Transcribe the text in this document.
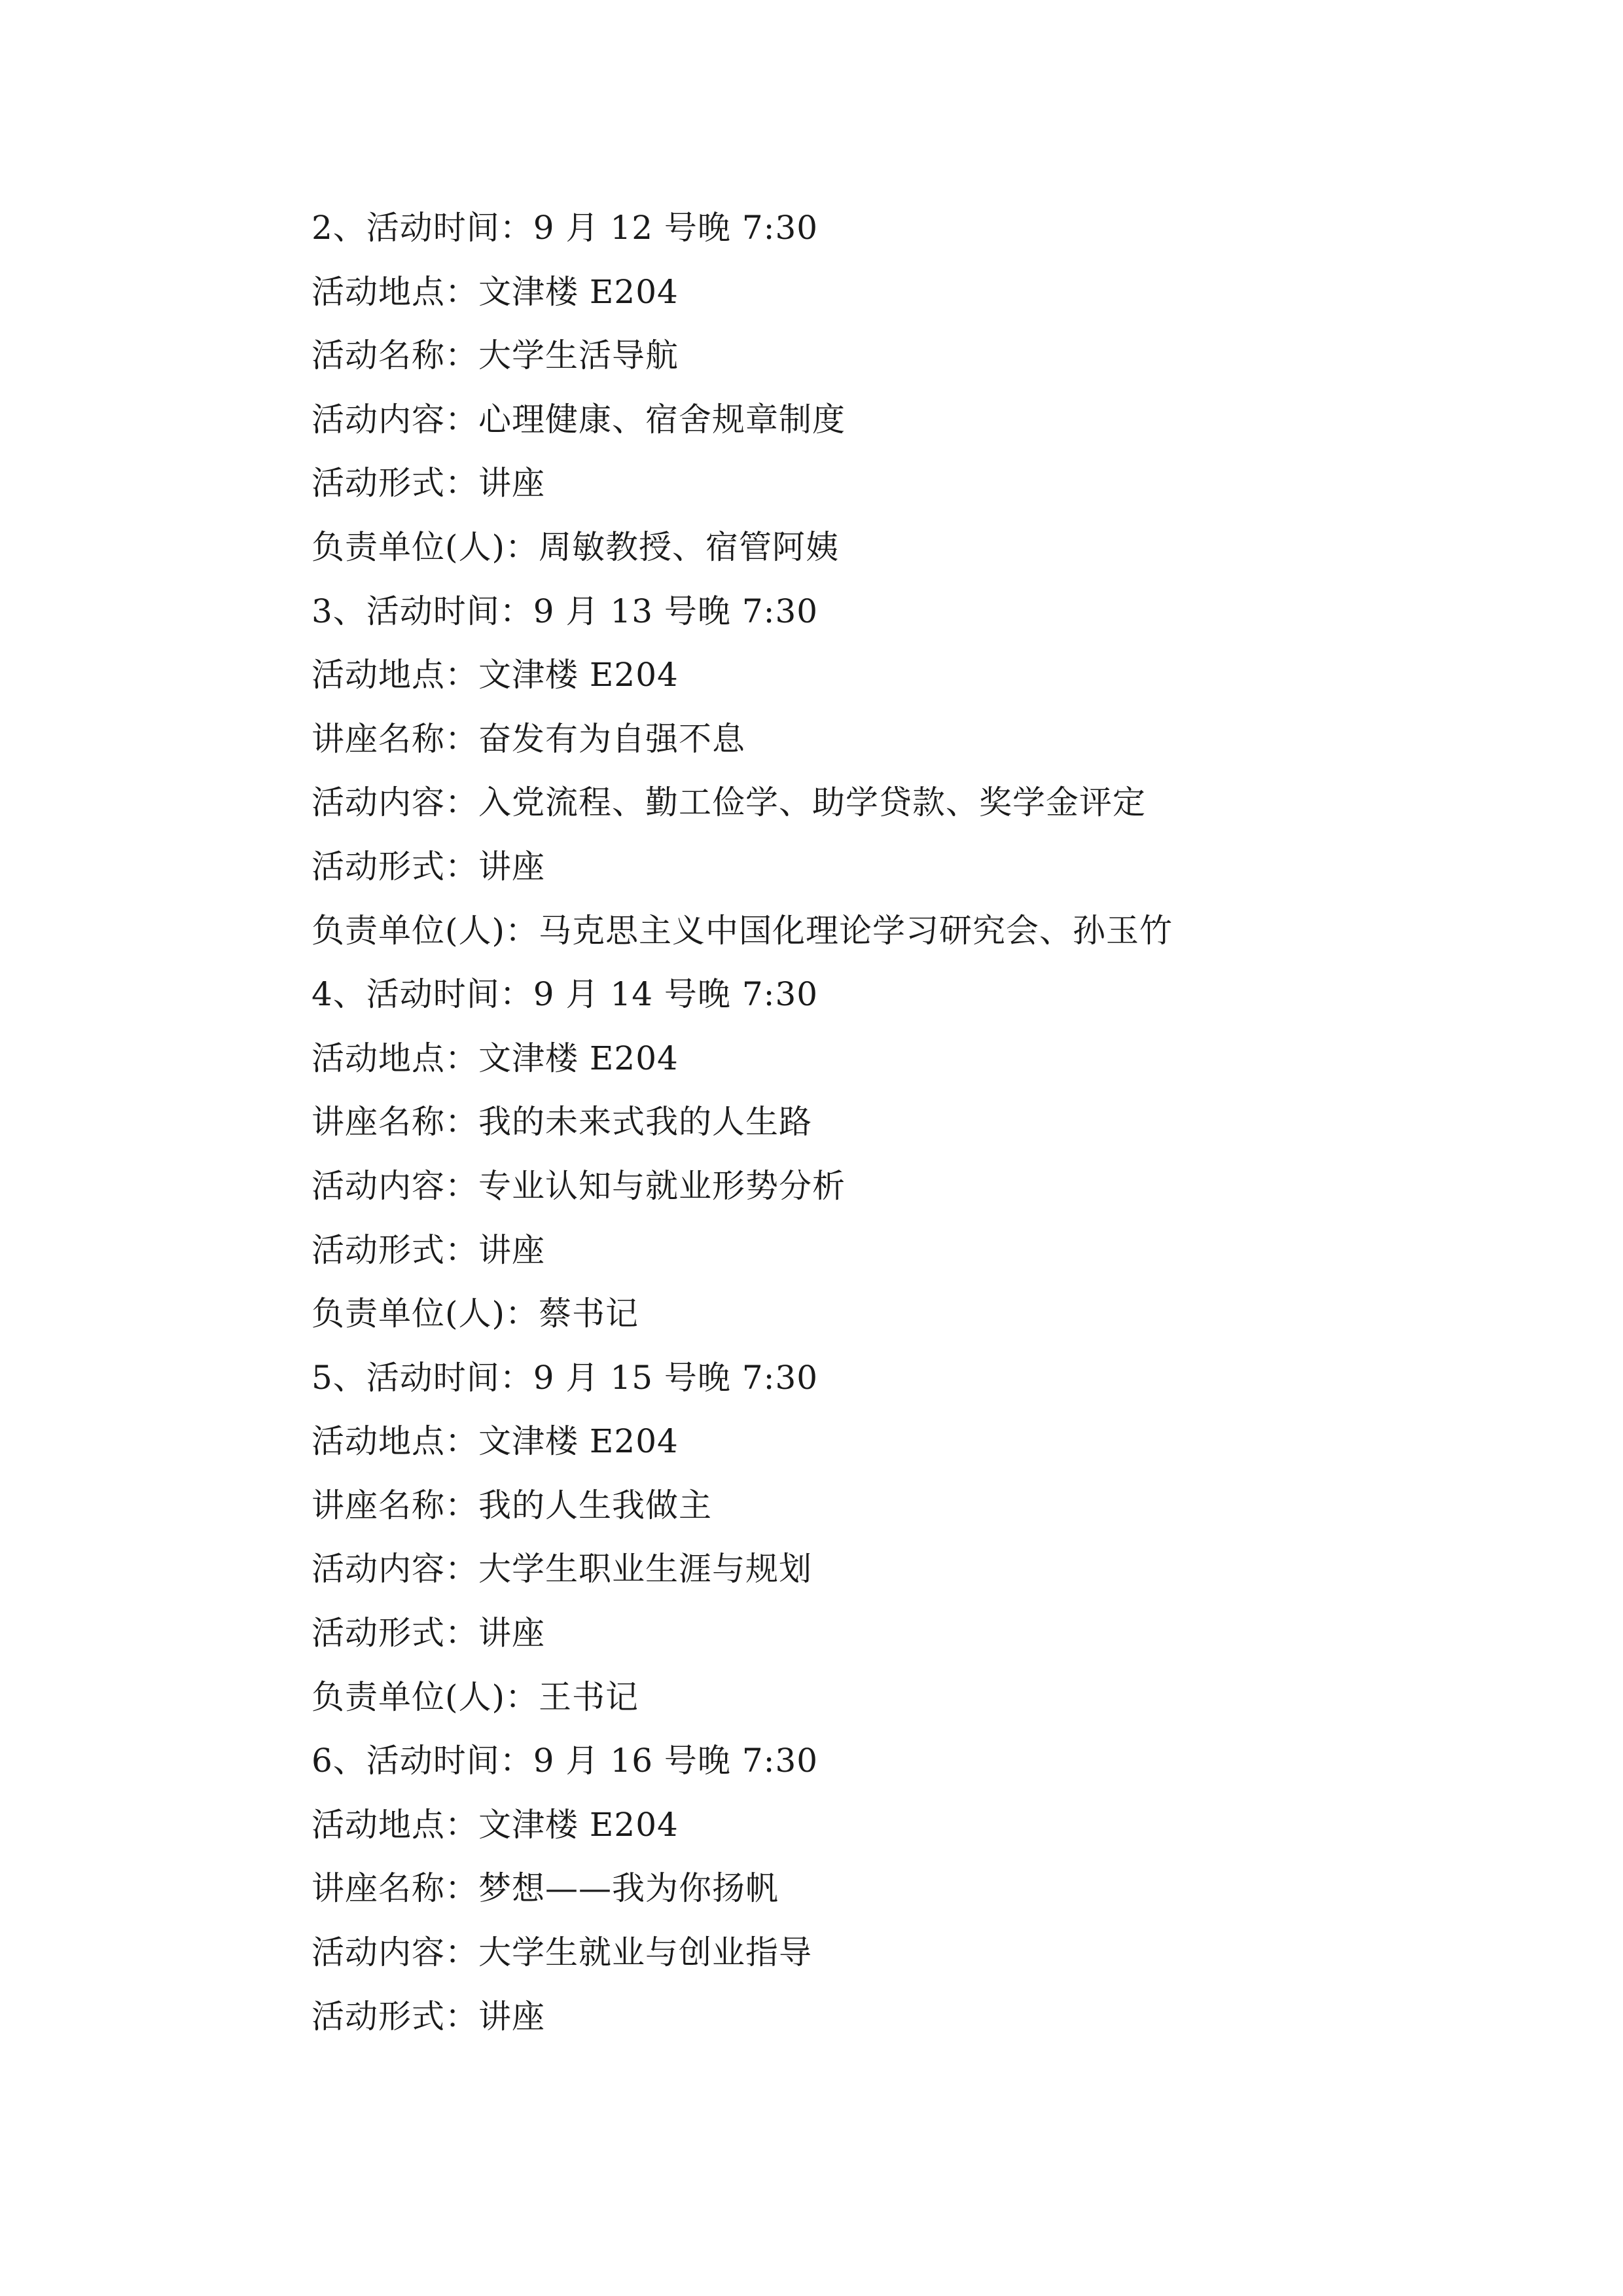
2、活动时间：9 月 12 号晚 7:30
活动地点：文津楼 E204
活动名称：大学生活导航
活动内容：心理健康、宿舍规章制度
活动形式：讲座
负责单位(人)：周敏教授、宿管阿姨
3、活动时间：9 月 13 号晚 7:30
活动地点：文津楼 E204
讲座名称：奋发有为自强不息
活动内容：入党流程、勤工俭学、助学贷款、奖学金评定
活动形式：讲座
负责单位(人)：马克思主义中国化理论学习研究会、孙玉竹
4、活动时间：9 月 14 号晚 7:30
活动地点：文津楼 E204
讲座名称：我的未来式我的人生路
活动内容：专业认知与就业形势分析
活动形式：讲座
负责单位(人)：蔡书记
5、活动时间：9 月 15 号晚 7:30
活动地点：文津楼 E204
讲座名称：我的人生我做主
活动内容：大学生职业生涯与规划
活动形式：讲座
负责单位(人)：王书记
6、活动时间：9 月 16 号晚 7:30
活动地点：文津楼 E204
讲座名称：梦想——我为你扬帆
活动内容：大学生就业与创业指导
活动形式：讲座
